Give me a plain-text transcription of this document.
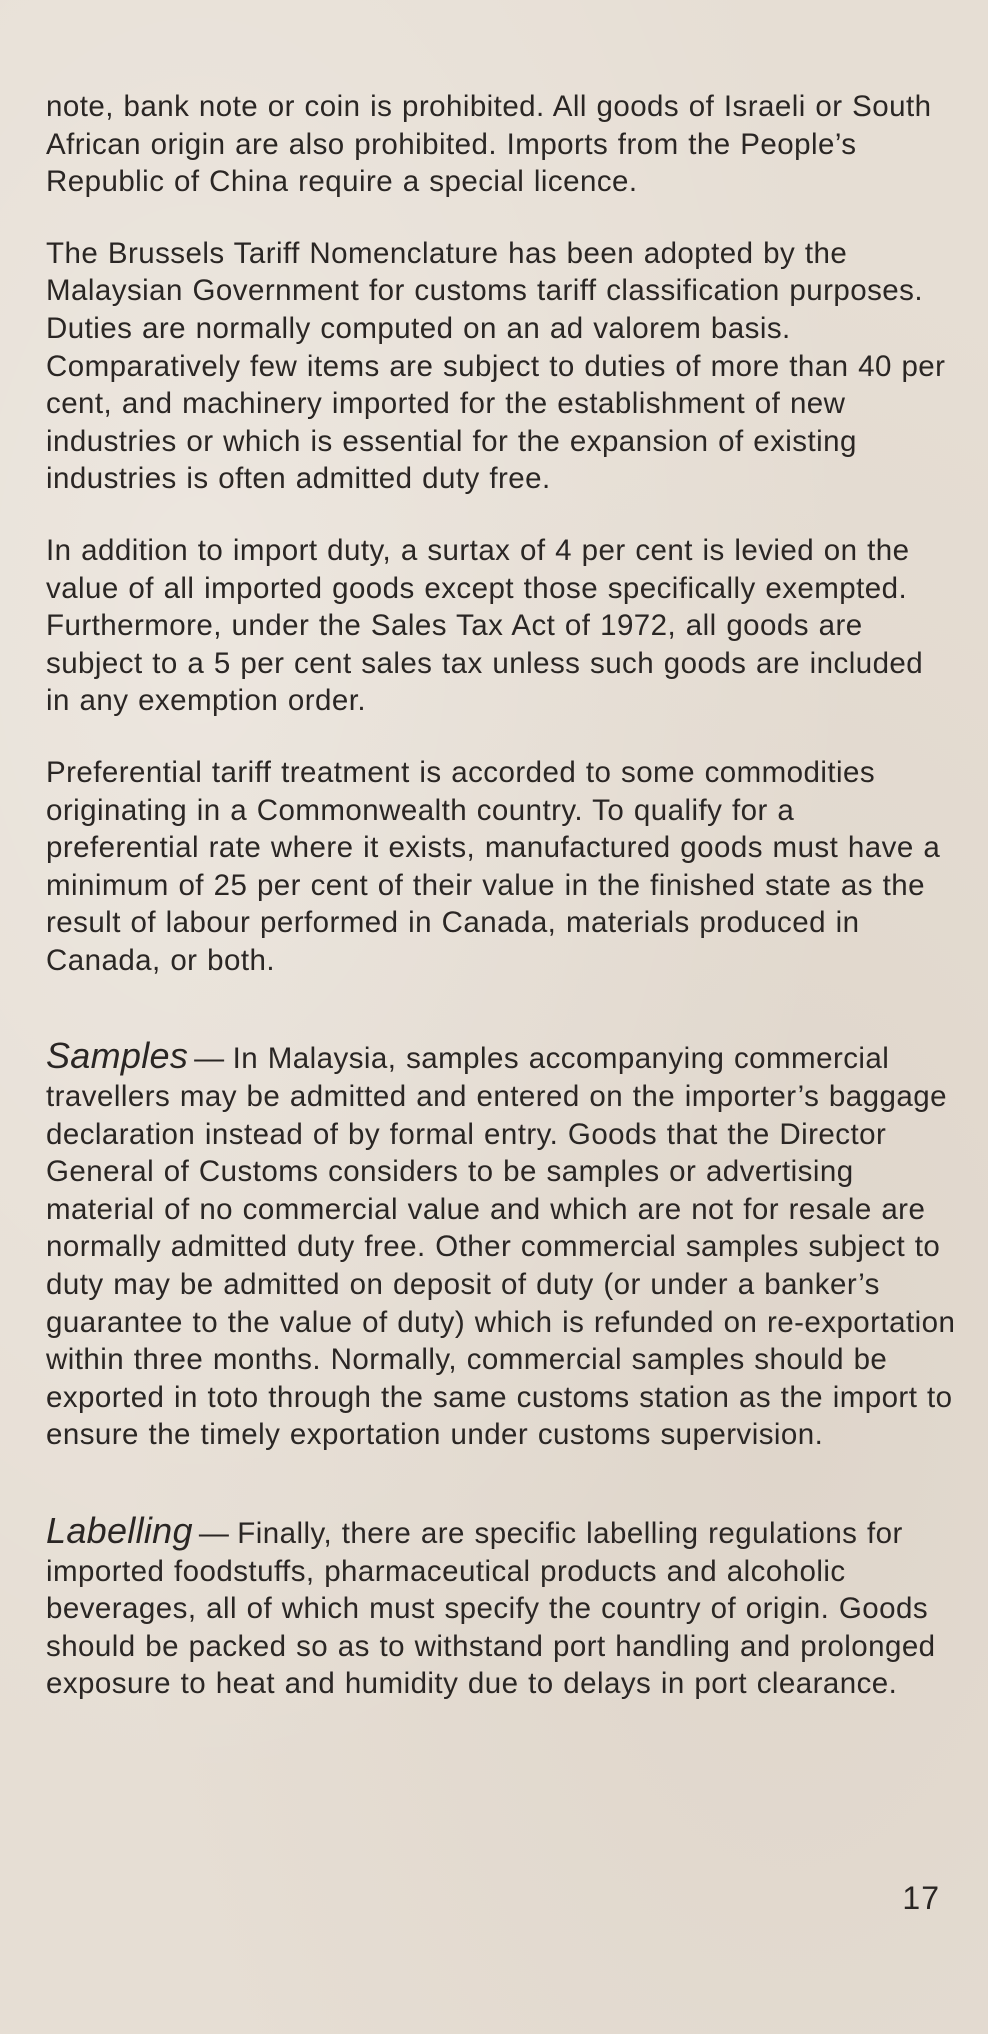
note, bank note or coin is prohibited. All goods of Israeli or South African origin are also prohibited. Imports from the People’s Republic of China require a special licence.

The Brussels Tariff Nomenclature has been adopted by the Malaysian Government for customs tariff classification purposes. Duties are normally computed on an ad valorem basis. Comparatively few items are subject to duties of more than 40 per cent, and machinery imported for the establishment of new industries or which is essential for the expansion of existing industries is often admitted duty free.

In addition to import duty, a surtax of 4 per cent is levied on the value of all imported goods except those specifically exempted. Furthermore, under the Sales Tax Act of 1972, all goods are subject to a 5 per cent sales tax unless such goods are included in any exemption order.

Preferential tariff treatment is accorded to some commodities originating in a Commonwealth country. To qualify for a preferential rate where it exists, manufactured goods must have a minimum of 25 per cent of their value in the finished state as the result of labour performed in Canada, materials produced in Canada, or both.

Samples — In Malaysia, samples accompanying commercial travellers may be admitted and entered on the importer’s baggage declaration instead of by formal entry. Goods that the Director General of Customs considers to be samples or advertising material of no commercial value and which are not for resale are normally admitted duty free. Other commercial samples subject to duty may be admitted on deposit of duty (or under a banker’s guarantee to the value of duty) which is refunded on re-exportation within three months. Normally, commercial samples should be exported in toto through the same customs station as the import to ensure the timely exportation under customs supervision.

Labelling — Finally, there are specific labelling regulations for imported foodstuffs, pharmaceutical products and alcoholic beverages, all of which must specify the country of origin. Goods should be packed so as to withstand port handling and prolonged exposure to heat and humidity due to delays in port clearance.

17
